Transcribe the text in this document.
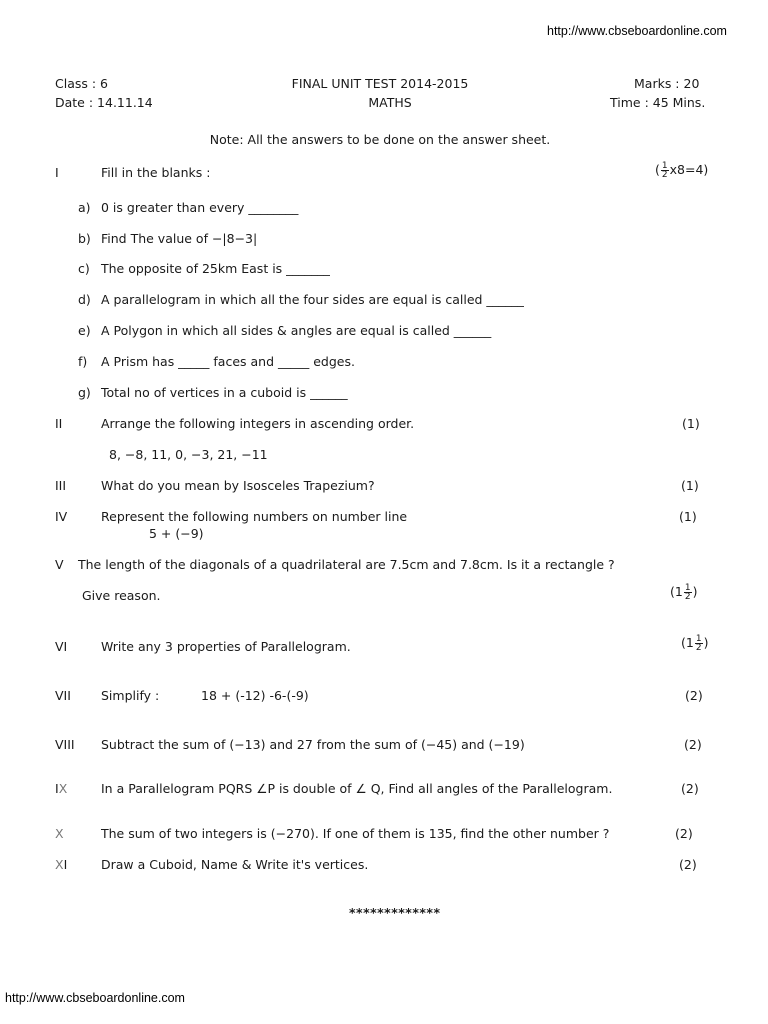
http://www.cbseboardonline.com
Class : 6
Date : 14.11.14
FINAL UNIT TEST 2014-2015
MATHS
Marks : 20
Time : 45 Mins.
Note: All the answers to be done on the answer sheet.
I	Fill in the blanks :	( $\frac{1}{2} x8=4$)
a) 0 is greater than every ________
b) Find The value of −|8−3|
c) The opposite of 25km East is _______
d) A parallelogram in which all the four sides are equal is called ______
e) A Polygon in which all sides & angles are equal is called ______
f) A Prism has _____ faces and _____ edges.
g) Total no of vertices in a cuboid is ______
II	Arrange the following integers in ascending order.	(1)
8, −8, 11, 0, −3, 21, −11
III	What do you mean by Isosceles Trapezium?	(1)
IV	Represent the following numbers on number line	(1)
5 + (−9)
V The length of the diagonals of a quadrilateral are 7.5cm and 7.8cm. Is it a rectangle ?
Give reason.	($1 \frac{1}{2}$ )
VI	Write any 3 properties of Parallelogram.	($1 \frac{1}{2}$ )
VII Simplify :	18 + (-12) -6-(-9)	(2)
VIII Subtract the sum of (−13) and 27 from the sum of (−45) and (−19)	(2)
IX	In a Parallelogram PQRS ∠P is double of ∠ Q, Find all angles of the Parallelogram.	(2)
X	The sum of two integers is (−270). If one of them is 135, find the other number ?	(2)
XI	Draw a Cuboid, Name & Write it's vertices.	(2)
*************
http://www.cbseboardonline.com
